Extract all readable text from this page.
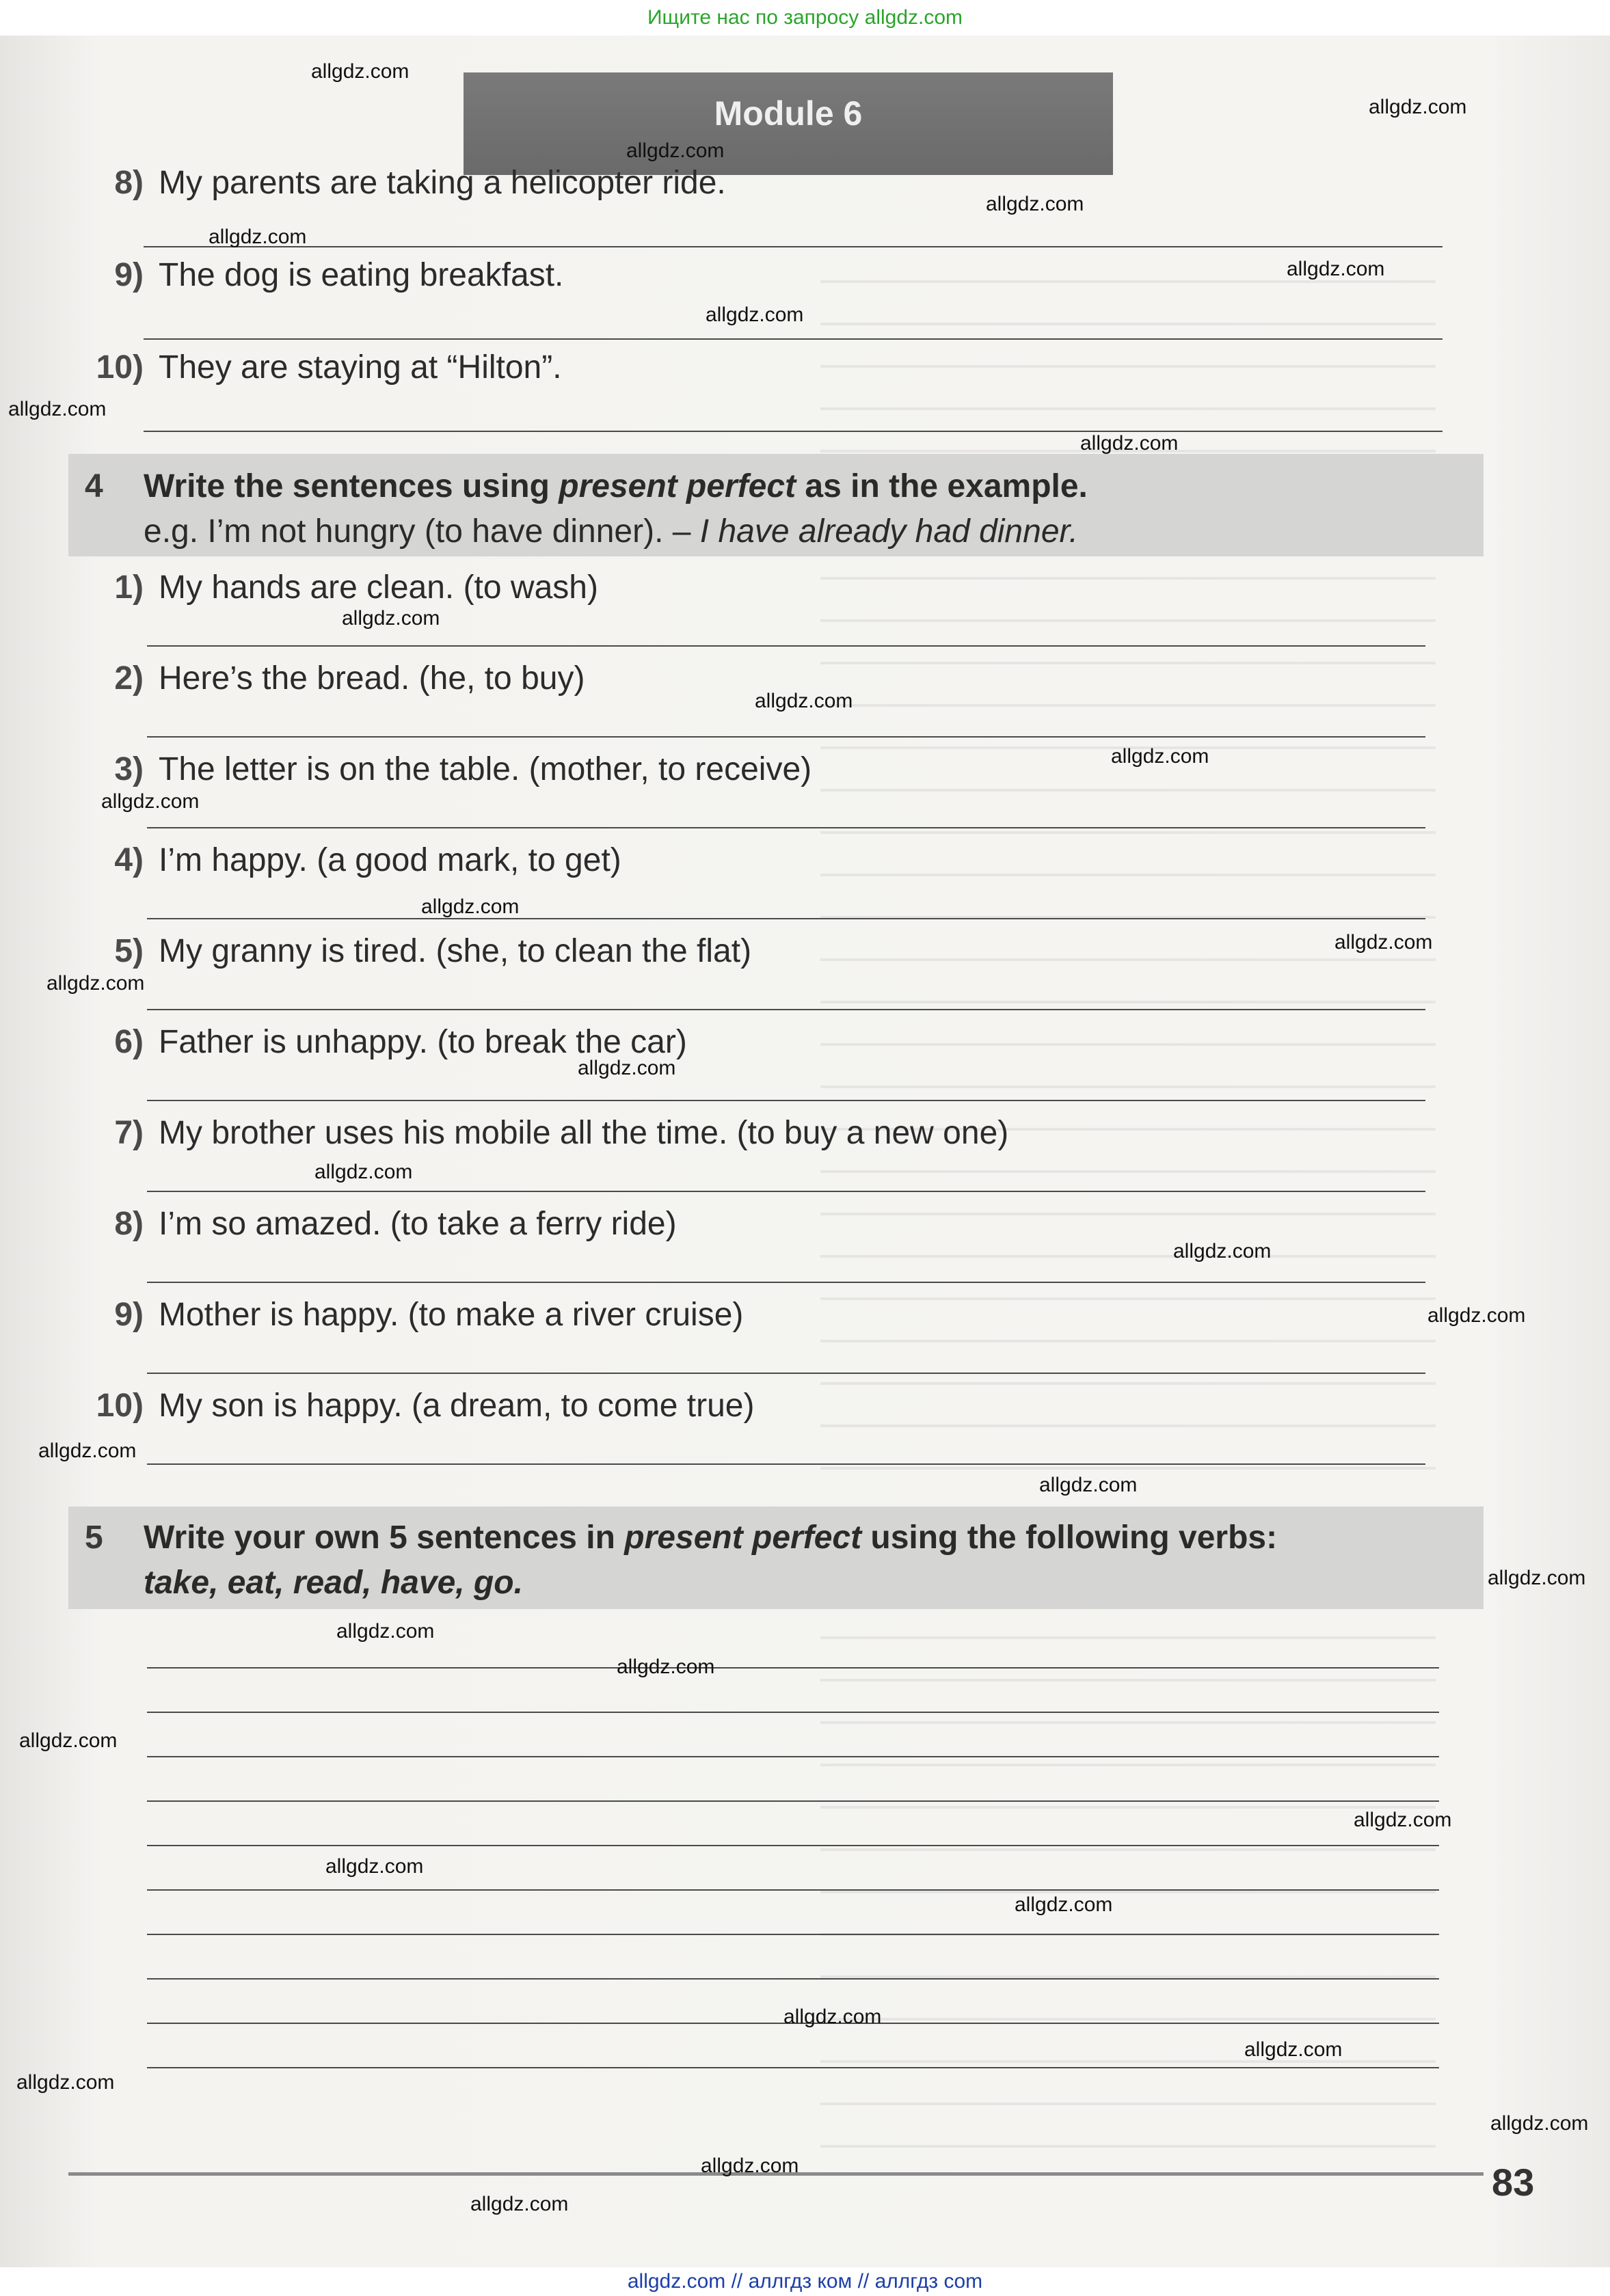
Ищите нас по запросу allgdz.com
Module 6
8) My parents are taking a helicopter ride.
9) The dog is eating breakfast.
10) They are staying at “Hilton”.
4 Write the sentences using present perfect as in the example.
e.g. I’m not hungry (to have dinner). – I have already had dinner.
1) My hands are clean. (to wash)
2) Here’s the bread. (he, to buy)
3) The letter is on the table. (mother, to receive)
4) I’m happy. (a good mark, to get)
5) My granny is tired. (she, to clean the flat)
6) Father is unhappy. (to break the car)
7) My brother uses his mobile all the time. (to buy a new one)
8) I’m so amazed. (to take a ferry ride)
9) Mother is happy. (to make a river cruise)
10) My son is happy. (a dream, to come true)
5 Write your own 5 sentences in present perfect using the following verbs:
take, eat, read, have, go.
83
allgdz.com
allgdz.com
allgdz.com
allgdz.com
allgdz.com
allgdz.com
allgdz.com
allgdz.com
allgdz.com
allgdz.com
allgdz.com
allgdz.com
allgdz.com
allgdz.com
allgdz.com
allgdz.com
allgdz.com
allgdz.com
allgdz.com
allgdz.com
allgdz.com
allgdz.com
allgdz.com
allgdz.com
allgdz.com
allgdz.com
allgdz.com
allgdz.com
allgdz.com
allgdz.com
allgdz.com
allgdz.com
allgdz.com
allgdz.com
allgdz.com
allgdz.com // аллгдз ком // аллгдз com
